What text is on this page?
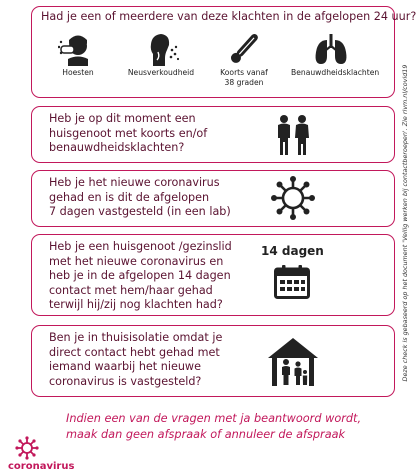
Had je een of meerdere van deze klachten in de afgelopen 24 uur?
Hoesten	Neusverkoudheid	Koorts vanaf
38 graden
Benauwdheidsklachten
Heb je op dit moment een
huisgenoot met koorts en/of
benauwdheidsklachten?
Heb je het nieuwe coronavirus
gehad en is dit de afgelopen
7 dagen vastgesteld (in een lab)
Heb je een huisgenoot /gezinslid
met het nieuwe coronavirus en
heb je in de afgelopen 14 dagen
contact met hem/haar gehad
terwijl hij/zij nog klachten had?
14 dagen
Ben je in thuisisolatie omdat je
direct contact hebt gehad met
iemand waarbij het nieuwe
coronavirus is vastgesteld?	Deze check is gebaseerd op het document 'Veilig werken bij contactberoepen'. Zie rivm.nl/covid19
Indien een van de vragen met ja beantwoord wordt,
maak dan geen afspraak of annuleer de afspraak
coronavirus
